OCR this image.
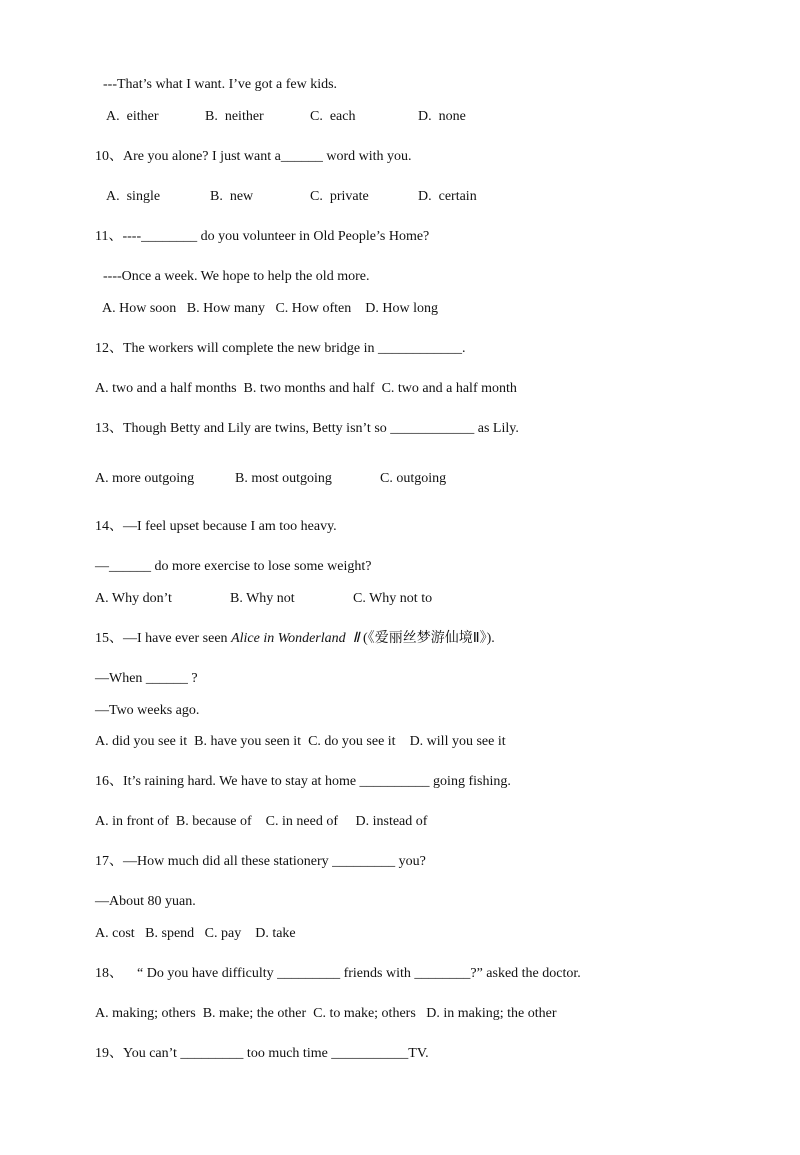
---That’s what I want. I’ve got a few kids.
A.  either	B.  neither	C.  each	D.  none
10、Are you alone? I just want a______ word with you.
A.  single	B.  new	C.  private	D.  certain
11、----________ do you volunteer in Old People’s Home?
----Once a week. We hope to help the old more.
A. How soon   B. How many   C. How often    D. How long
12、The workers will complete the new bridge in ____________.
A. two and a half months  B. two months and half  C. two and a half month
13、Though Betty and Lily are twins, Betty isn’t so ____________ as Lily.
A. more outgoing	B. most outgoing	C. outgoing
14、—I feel upset because I am too heavy.
—______ do more exercise to lose some weight?
A. Why don’t	B. Why not	C. Why not to
15、—I have ever seen Alice in Wonderland  Ⅱ (《爱丽丝梦游仙境Ⅱ》).
—When ______ ?
—Two weeks ago.
A. did you see it  B. have you seen it  C. do you see it    D. will you see it
16、It’s raining hard. We have to stay at home __________ going fishing.
A. in front of  B. because of    C. in need of     D. instead of
17、—How much did all these stationery _________ you?
—About 80 yuan.
A. cost   B. spend   C. pay    D. take
18、    “ Do you have difficulty _________ friends with ________?” asked the doctor.
A. making; others  B. make; the other  C. to make; others   D. in making; the other
19、You can’t _________ too much time ___________TV.
